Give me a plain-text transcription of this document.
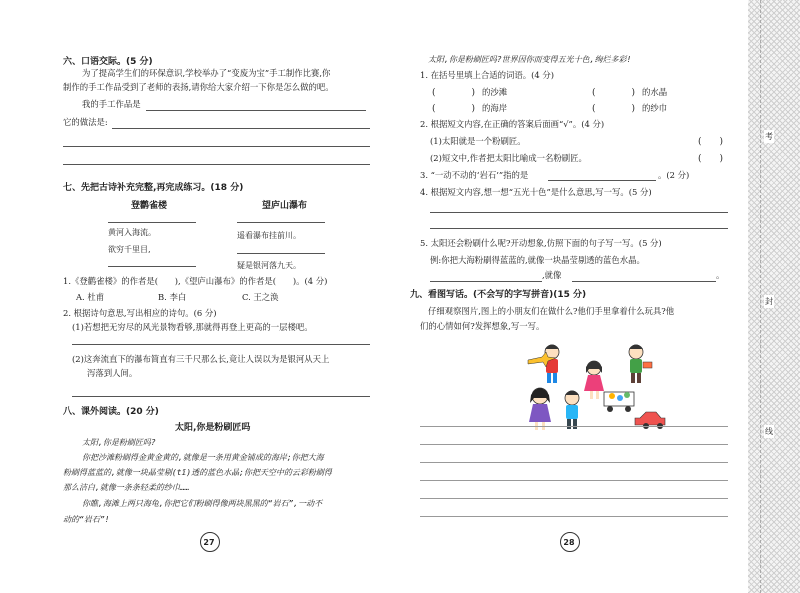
六、口语交际。(5 分)
为了提高学生们的环保意识,学校举办了“变废为宝”手工制作比赛,你
制作的手工作品受到了老师的表扬,请你给大家介绍一下你是怎么做的吧。
我的手工作品是
它的做法是:
七、先把古诗补充完整,再完成练习。(18 分)
登鹳雀楼	望庐山瀑布
黄河入海流。
欲穷千里目,
遥看瀑布挂前川。
疑是银河落九天。
1.《登鹳雀楼》的作者是(　　),《望庐山瀑布》的作者是(　　)。(4 分)
A. 杜甫	B. 李白	C. 王之涣
2. 根据诗句意思,写出相应的诗句。(6 分)
(1)若想把无穷尽的风光景物看够,那就得再登上更高的一层楼吧。
(2)这奔流直下的瀑布简直有三千尺那么长,竟让人误以为是银河从天上
泻落到人间。
八、课外阅读。(20 分)
太阳,你是粉刷匠吗
太阳,你是粉刷匠吗?
你把沙滩粉刷得金黄金黄的,就像是一条用黄金铺成的海岸;你把大海
粉刷得蓝蓝的,就像一块晶莹剔(tī)透的蓝色水晶;你把天空中的云彩粉刷得
那么洁白,就像一条条轻柔的纱巾……
你瞧,海滩上两只海龟,你把它们粉刷得像两块黑黑的“岩石”,一动不
动的“岩石”!
27
太阳,你是粉刷匠吗?世界因你而变得五光十色,绚烂多彩!
1. 在括号里填上合适的词语。(4 分)
(　　　　) 的沙滩	(　　　　) 的水晶
(　　　　) 的海岸	(　　　　) 的纱巾
2. 根据短文内容,在正确的答案后面画“√”。(4 分)
(1)太阳就是一个粉刷匠。	(　　)
(2)短文中,作者把太阳比喻成一名粉刷匠。	(　　)
3. “一动不动的‘岩石’”指的是	。(2 分)
4. 根据短文内容,想一想“五光十色”是什么意思,写一写。(5 分)
5. 太阳还会粉刷什么呢?开动想象,仿照下面的句子写一写。(5 分)
例:你把大海粉刷得蓝蓝的,就像一块晶莹剔透的蓝色水晶。
,就像	。
九、看图写话。(不会写的字写拼音)(15 分)
仔细观察图片,图上的小朋友们在做什么?他们手里拿着什么玩具?他
们的心情如何?发挥想象,写一写。
28
考
封
线
